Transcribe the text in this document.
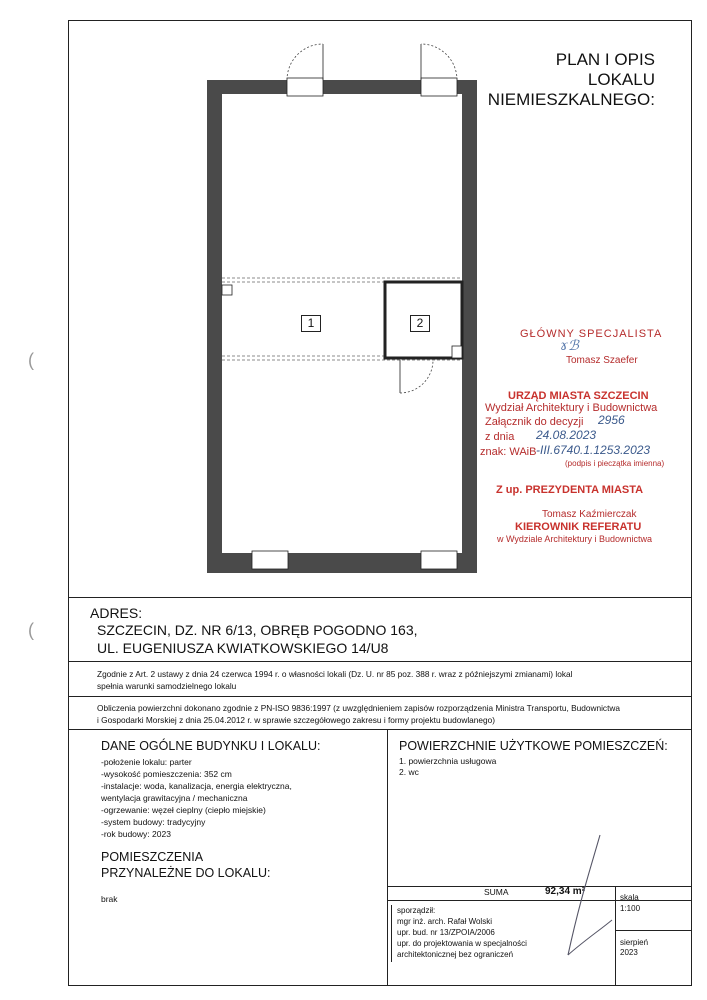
(
(
PLAN I OPIS
LOKALU
NIEMIESZKALNEGO:
1	2
GŁÓWNY SPECJALISTA
ɤℬ
Tomasz Szaefer
URZĄD MIASTA SZCZECIN
Wydział Architektury i Budownictwa
Załącznik do decyzji 2956
z dnia 24.08.2023
znak: WAiB -III.6740.1.1253.2023
(podpis i pieczątka imienna)
Z up. PREZYDENTA MIASTA
Tomasz Kaźmierczak
KIEROWNIK REFERATU
w Wydziale Architektury i Budownictwa
ADRES:
SZCZECIN, DZ. NR 6/13, OBRĘB POGODNO 163,
UL. EUGENIUSZA KWIATKOWSKIEGO 14/U8
Zgodnie z Art. 2 ustawy z dnia 24 czerwca 1994 r. o własności lokali (Dz. U. nr 85 poz. 388 r. wraz z późniejszymi zmianami) lokal
spełnia warunki samodzielnego lokalu
Obliczenia powierzchni dokonano zgodnie z PN-ISO 9836:1997 (z uwzględnieniem zapisów rozporządzenia Ministra Transportu, Budownictwa
i Gospodarki Morskiej z dnia 25.04.2012 r. w sprawie szczegółowego zakresu i formy projektu budowlanego)
DANE OGÓLNE BUDYNKU I LOKALU:
-położenie lokalu: parter
-wysokość pomieszczenia: 352 cm
-instalacje: woda, kanalizacja, energia elektryczna,
wentylacja grawitacyjna / mechaniczna
-ogrzewanie: węzeł cieplny (ciepło miejskie)
-system budowy: tradycyjny
-rok budowy: 2023
POMIESZCZENIA
PRZYNALEŻNE DO LOKALU:
brak
POWIERZCHNIE UŻYTKOWE POMIESZCZEŃ:
1. powierzchnia usługowa
2. wc
SUMA	92,34 m²
sporządził:
mgr inż. arch. Rafał Wolski
upr. bud. nr 13/ZPOIA/2006
upr. do projektowania w specjalności
architektonicznej bez ograniczeń
skala
1:100
sierpień
2023
